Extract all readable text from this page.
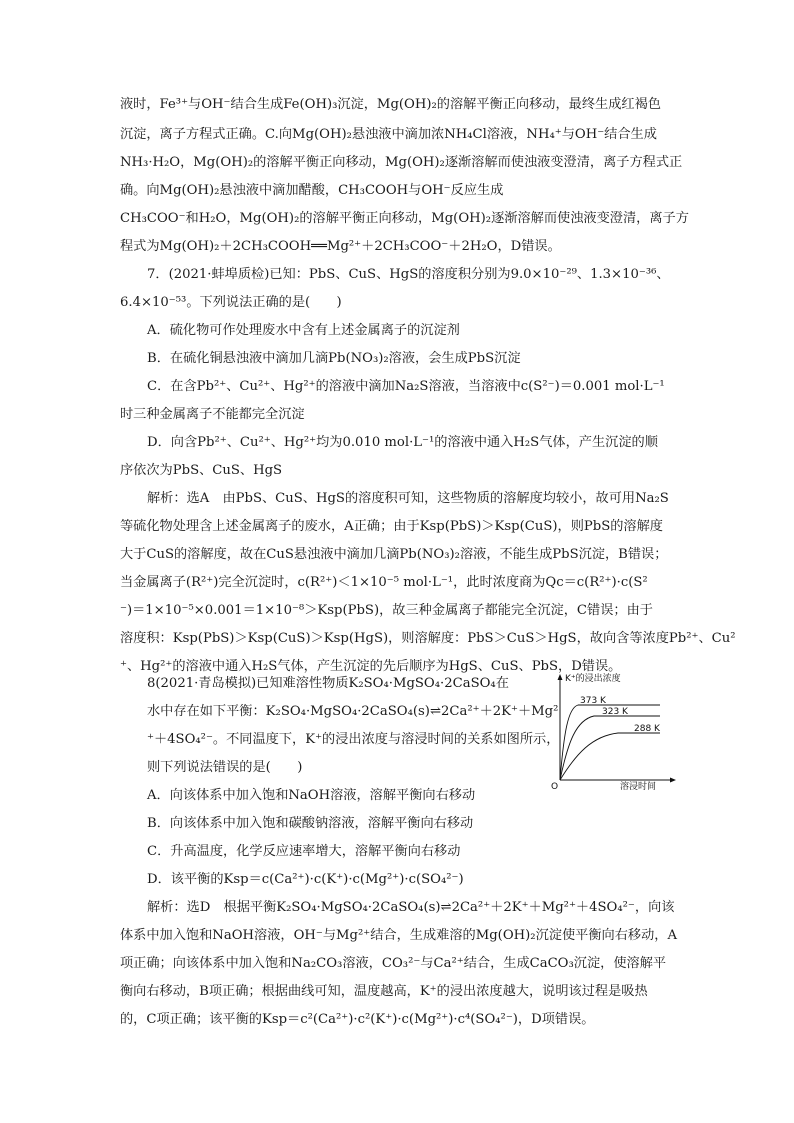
液时，Fe³⁺与OH⁻结合生成Fe(OH)₃沉淀，Mg(OH)₂的溶解平衡正向移动，最终生成红褐色
沉淀，离子方程式正确。C.向Mg(OH)₂悬浊液中滴加浓NH₄Cl溶液，NH₄⁺与OH⁻结合生成
NH₃·H₂O，Mg(OH)₂的溶解平衡正向移动，Mg(OH)₂逐渐溶解而使浊液变澄清，离子方程式正
确。向Mg(OH)₂悬浊液中滴加醋酸，CH₃COOH与OH⁻反应生成
CH₃COO⁻和H₂O，Mg(OH)₂的溶解平衡正向移动，Mg(OH)₂逐渐溶解而使浊液变澄清，离子方
程式为Mg(OH)₂＋2CH₃COOH══Mg²⁺＋2CH₃COO⁻＋2H₂O，D错误。
7．(2021·蚌埠质检)已知：PbS、CuS、HgS的溶度积分别为9.0×10⁻²⁹、1.3×10⁻³⁶、
6.4×10⁻⁵³。下列说法正确的是(　　)
A．硫化物可作处理废水中含有上述金属离子的沉淀剂
B．在硫化铜悬浊液中滴加几滴Pb(NO₃)₂溶液，会生成PbS沉淀
C．在含Pb²⁺、Cu²⁺、Hg²⁺的溶液中滴加Na₂S溶液，当溶液中c(S²⁻)＝0.001 mol·L⁻¹
时三种金属离子不能都完全沉淀
D．向含Pb²⁺、Cu²⁺、Hg²⁺均为0.010 mol·L⁻¹的溶液中通入H₂S气体，产生沉淀的顺
序依次为PbS、CuS、HgS
解析：选A　由PbS、CuS、HgS的溶度积可知，这些物质的溶解度均较小，故可用Na₂S
等硫化物处理含上述金属离子的废水，A正确；由于Ksp(PbS)＞Ksp(CuS)，则PbS的溶解度
大于CuS的溶解度，故在CuS悬浊液中滴加几滴Pb(NO₃)₂溶液，不能生成PbS沉淀，B错误；
当金属离子(R²⁺)完全沉淀时，c(R²⁺)＜1×10⁻⁵ mol·L⁻¹，此时浓度商为Qc＝c(R²⁺)·c(S²
⁻)＝1×10⁻⁵×0.001＝1×10⁻⁸＞Ksp(PbS)，故三种金属离子都能完全沉淀，C错误；由于
溶度积：Ksp(PbS)＞Ksp(CuS)＞Ksp(HgS)，则溶解度：PbS＞CuS＞HgS，故向含等浓度Pb²⁺、Cu²
⁺、Hg²⁺的溶液中通入H₂S气体，产生沉淀的先后顺序为HgS、CuS、PbS，D错误。
8(2021·青岛模拟)已知难溶性物质K₂SO₄·MgSO₄·2CaSO₄在
水中存在如下平衡：K₂SO₄·MgSO₄·2CaSO₄(s)⇌2Ca²⁺＋2K⁺＋Mg²
⁺＋4SO₄²⁻。不同温度下，K⁺的浸出浓度与溶浸时间的关系如图所示，
则下列说法错误的是(　　)
A．向该体系中加入饱和NaOH溶液，溶解平衡向右移动
B．向该体系中加入饱和碳酸钠溶液，溶解平衡向右移动
C．升高温度，化学反应速率增大，溶解平衡向右移动
D．该平衡的Ksp＝c(Ca²⁺)·c(K⁺)·c(Mg²⁺)·c(SO₄²⁻)
解析：选D　根据平衡K₂SO₄·MgSO₄·2CaSO₄(s)⇌2Ca²⁺＋2K⁺＋Mg²⁺＋4SO₄²⁻，向该
体系中加入饱和NaOH溶液，OH⁻与Mg²⁺结合，生成难溶的Mg(OH)₂沉淀使平衡向右移动，A
项正确；向该体系中加入饱和Na₂CO₃溶液，CO₃²⁻与Ca²⁺结合，生成CaCO₃沉淀，使溶解平
衡向右移动，B项正确；根据曲线可知，温度越高，K⁺的浸出浓度越大，说明该过程是吸热
的，C项正确；该平衡的Ksp＝c²(Ca²⁺)·c²(K⁺)·c(Mg²⁺)·c⁴(SO₄²⁻)，D项错误。
K⁺的浸出浓度
O	溶浸时间
373 K
323 K
288 K
